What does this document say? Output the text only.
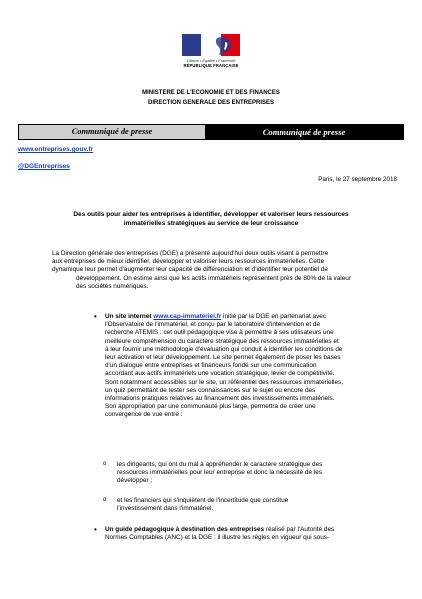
Liberté • Égalité • Fraternité
RÉPUBLIQUE FRANÇAISE
MINISTERE DE L'ECONOMIE ET DES FINANCES
DIRECTION GENERALE DES ENTREPRISES
Communiqué de presse	Communiqué de presse
www.entreprises.gouv.fr
@DGEntreprises
Paris, le 27 septembre 2018
Des outils pour aider les entreprises à identifier, développer et valoriser leurs ressources
immatérielles stratégiques au service de leur croissance
La Direction générale des entreprises (DGE) a présenté aujourd'hui deux outils visant à permettre
aux entreprises de mieux identifier, développer et valoriser leurs ressources immatérielles. Cette
dynamique leur permet d'augmenter leur capacité de différenciation et d'identifier leur potentiel de
développement. On estime ainsi que les actifs immatériels représentent près de 80% de la valeur
des sociétés numériques.
• Un site internet www.cap-immateriel.fr initié par la DGE en partenariat avec
l'Observatoire de l'immatériel, et conçu par le laboratoire d'intervention et de
recherche ATEMIS : cet outil pédagogique vise à permettre à ses utilisateurs une
meilleure compréhension du caractère stratégique des ressources immatérielles et
à leur fournir une méthodologie d'évaluation qui conduit à identifier les conditions de
leur activation et leur développement. Le site permet également de poser les bases
d'un dialogue entre entreprises et financeurs fondé sur une communication
accordant aux actifs immatériels une vocation stratégique, levier de compétitivité.
Sont notamment accessibles sur le site, un référentiel des ressources immatérielles,
un quiz permettant de tester ses connaissances sur le sujet ou encore des
informations pratiques relatives au financement des investissements immatériels.
Son appropriation par une communauté plus large, permettra de créer une
convergence de vue entre :
o les dirigeants, qui ont du mal à appréhender le caractère stratégique des
ressources immatérielles pour leur entreprise et donc la nécessité de les
développer ;
o et les financiers qui s'inquiètent de l'incertitude que constitue
l'investissement dans l'immatériel.
• Un guide pédagogique à destination des entreprises réalisé par l'Autorité des
Normes Comptables (ANC) et la DGE : il illustre les règles en vigueur qui sous-
